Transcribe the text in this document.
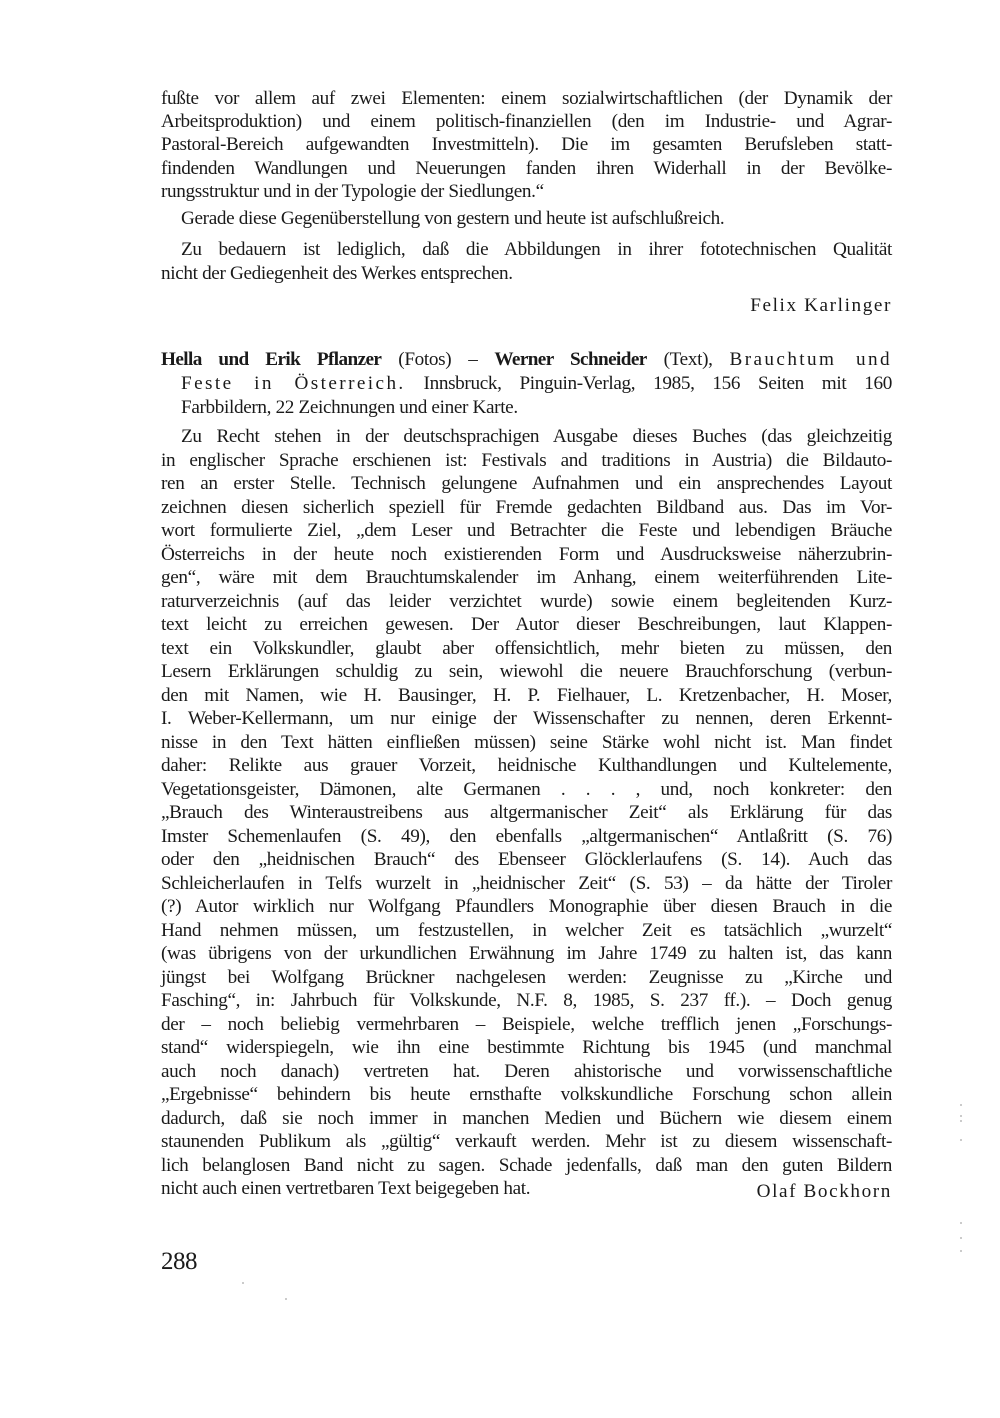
fußte vor allem auf zwei Elementen: einem sozialwirtschaftlichen (der Dynamik der
Arbeitsproduktion) und einem politisch-finanziellen (den im Industrie- und Agrar-
Pastoral-Bereich aufgewandten Investmitteln). Die im gesamten Berufsleben statt-
findenden Wandlungen und Neuerungen fanden ihren Widerhall in der Bevölke-
rungsstruktur und in der Typologie der Siedlungen.“
Gerade diese Gegenüberstellung von gestern und heute ist aufschlußreich.
Zu bedauern ist lediglich, daß die Abbildungen in ihrer fototechnischen Qualität
nicht der Gediegenheit des Werkes entsprechen.
Felix Karlinger
Hella und Erik Pflanzer (Fotos) – Werner Schneider (Text), Brauchtum und
Feste in Österreich. Innsbruck, Pinguin-Verlag, 1985, 156 Seiten mit 160
Farbbildern, 22 Zeichnungen und einer Karte.
Zu Recht stehen in der deutschsprachigen Ausgabe dieses Buches (das gleichzeitig
in englischer Sprache erschienen ist: Festivals and traditions in Austria) die Bildauto-
ren an erster Stelle. Technisch gelungene Aufnahmen und ein ansprechendes Layout
zeichnen diesen sicherlich speziell für Fremde gedachten Bildband aus. Das im Vor-
wort formulierte Ziel, „dem Leser und Betrachter die Feste und lebendigen Bräuche
Österreichs in der heute noch existierenden Form und Ausdrucksweise näherzubrin-
gen“, wäre mit dem Brauchtumskalender im Anhang, einem weiterführenden Lite-
raturverzeichnis (auf das leider verzichtet wurde) sowie einem begleitenden Kurz-
text leicht zu erreichen gewesen. Der Autor dieser Beschreibungen, laut Klappen-
text ein Volkskundler, glaubt aber offensichtlich, mehr bieten zu müssen, den
Lesern Erklärungen schuldig zu sein, wiewohl die neuere Brauchforschung (verbun-
den mit Namen, wie H. Bausinger, H. P. Fielhauer, L. Kretzenbacher, H. Moser,
I. Weber-Kellermann, um nur einige der Wissenschafter zu nennen, deren Erkennt-
nisse in den Text hätten einfließen müssen) seine Stärke wohl nicht ist. Man findet
daher: Relikte aus grauer Vorzeit, heidnische Kulthandlungen und Kultelemente,
Vegetationsgeister, Dämonen, alte Germanen . . . , und, noch konkreter: den
„Brauch des Winteraustreibens aus altgermanischer Zeit“ als Erklärung für das
Imster Schemenlaufen (S. 49), den ebenfalls „altgermanischen“ Antlaßritt (S. 76)
oder den „heidnischen Brauch“ des Ebenseer Glöcklerlaufens (S. 14). Auch das
Schleicherlaufen in Telfs wurzelt in „heidnischer Zeit“ (S. 53) – da hätte der Tiroler
(?) Autor wirklich nur Wolfgang Pfaundlers Monographie über diesen Brauch in die
Hand nehmen müssen, um festzustellen, in welcher Zeit es tatsächlich „wurzelt“
(was übrigens von der urkundlichen Erwähnung im Jahre 1749 zu halten ist, das kann
jüngst bei Wolfgang Brückner nachgelesen werden: Zeugnisse zu „Kirche und
Fasching“, in: Jahrbuch für Volkskunde, N.F. 8, 1985, S. 237 ff.). – Doch genug
der – noch beliebig vermehrbaren – Beispiele, welche trefflich jenen „Forschungs-
stand“ widerspiegeln, wie ihn eine bestimmte Richtung bis 1945 (und manchmal
auch noch danach) vertreten hat. Deren ahistorische und vorwissenschaftliche
„Ergebnisse“ behindern bis heute ernsthafte volkskundliche Forschung schon allein
dadurch, daß sie noch immer in manchen Medien und Büchern wie diesem einem
staunenden Publikum als „gültig“ verkauft werden. Mehr ist zu diesem wissenschaft-
lich belanglosen Band nicht zu sagen. Schade jedenfalls, daß man den guten Bildern
nicht auch einen vertretbaren Text beigegeben hat.	Olaf Bockhorn
288
